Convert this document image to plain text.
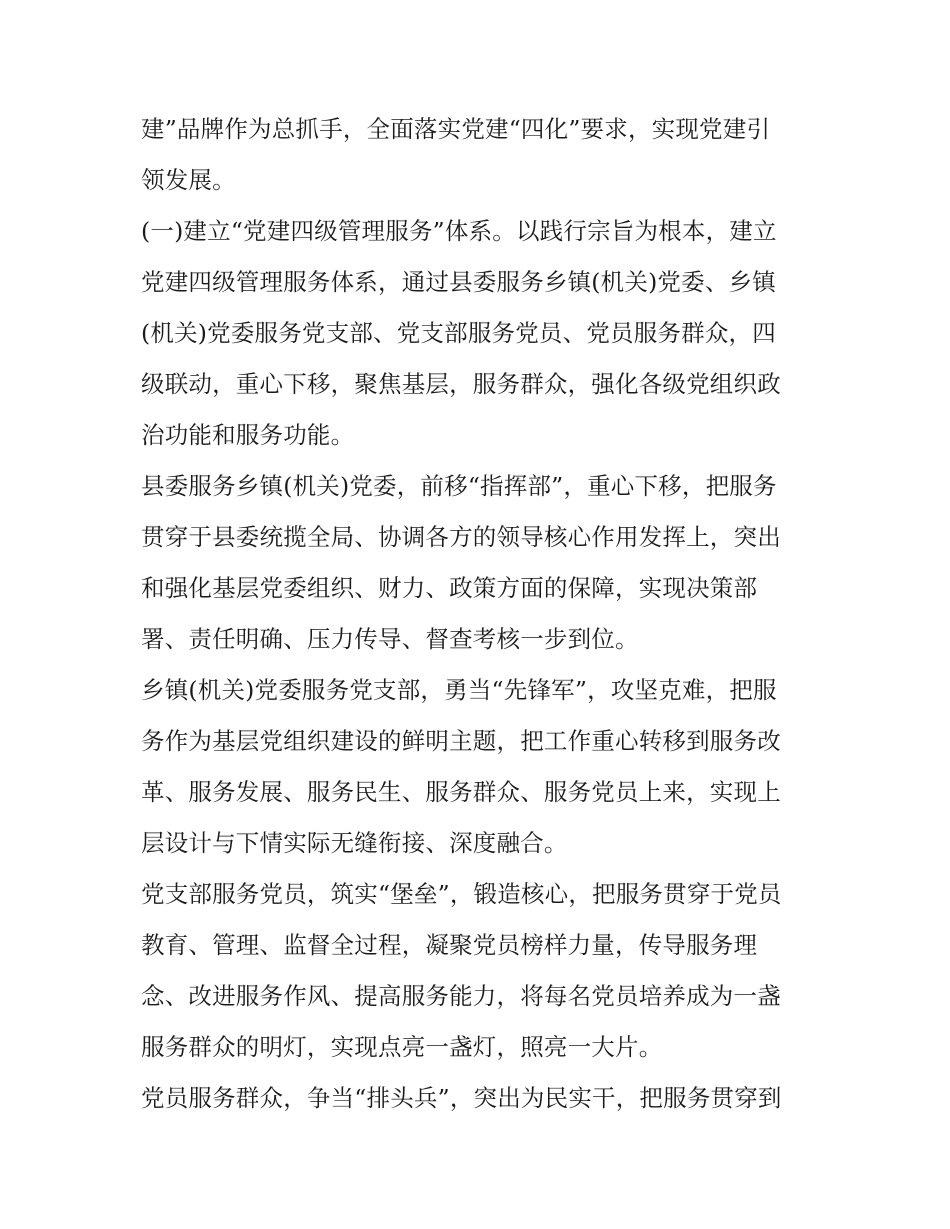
建”品牌作为总抓手，全面落实党建“四化”要求，实现党建引
领发展。
(一)建立“党建四级管理服务”体系。以践行宗旨为根本，建立
党建四级管理服务体系，通过县委服务乡镇(机关)党委、乡镇
(机关)党委服务党支部、党支部服务党员、党员服务群众，四
级联动，重心下移，聚焦基层，服务群众，强化各级党组织政
治功能和服务功能。
县委服务乡镇(机关)党委，前移“指挥部”，重心下移，把服务
贯穿于县委统揽全局、协调各方的领导核心作用发挥上，突出
和强化基层党委组织、财力、政策方面的保障，实现决策部
署、责任明确、压力传导、督查考核一步到位。
乡镇(机关)党委服务党支部，勇当“先锋军”，攻坚克难，把服
务作为基层党组织建设的鲜明主题，把工作重心转移到服务改
革、服务发展、服务民生、服务群众、服务党员上来，实现上
层设计与下情实际无缝衔接、深度融合。
党支部服务党员，筑实“堡垒”，锻造核心，把服务贯穿于党员
教育、管理、监督全过程，凝聚党员榜样力量，传导服务理
念、改进服务作风、提高服务能力，将每名党员培养成为一盏
服务群众的明灯，实现点亮一盏灯，照亮一大片。
党员服务群众，争当“排头兵”，突出为民实干，把服务贯穿到
